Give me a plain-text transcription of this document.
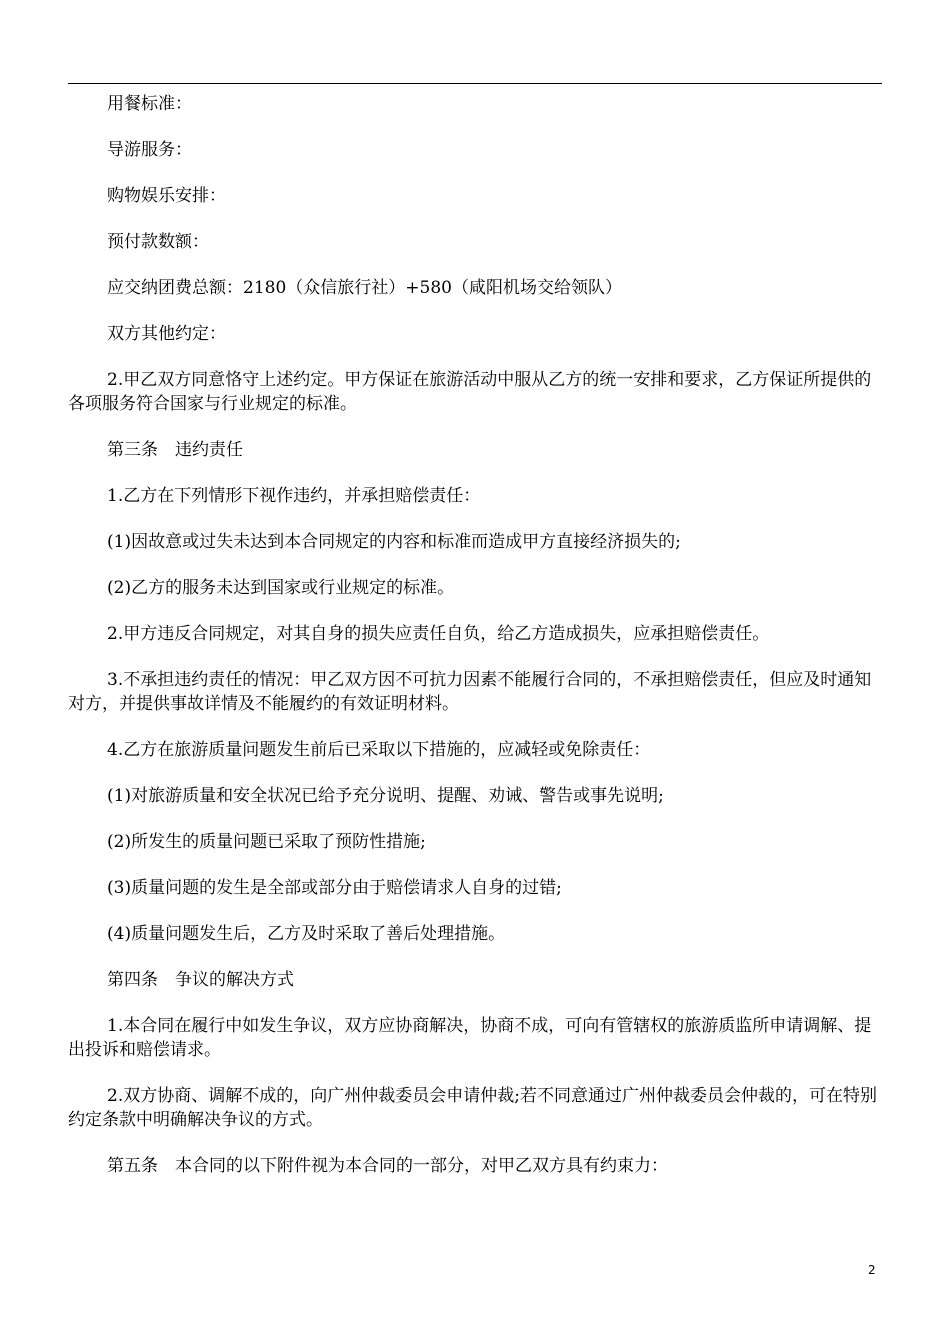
用餐标准：

导游服务：

购物娱乐安排：

预付款数额：

应交纳团费总额：2180（众信旅行社）+580（咸阳机场交给领队）

双方其他约定：

2.甲乙双方同意恪守上述约定。甲方保证在旅游活动中服从乙方的统一安排和要求，乙方保证所提供的各项服务符合国家与行业规定的标准。

第三条　违约责任

1.乙方在下列情形下视作违约，并承担赔偿责任：

(1)因故意或过失未达到本合同规定的内容和标准而造成甲方直接经济损失的;

(2)乙方的服务未达到国家或行业规定的标准。

2.甲方违反合同规定，对其自身的损失应责任自负，给乙方造成损失，应承担赔偿责任。

3.不承担违约责任的情况：甲乙双方因不可抗力因素不能履行合同的，不承担赔偿责任，但应及时通知对方，并提供事故详情及不能履约的有效证明材料。

4.乙方在旅游质量问题发生前后已采取以下措施的，应减轻或免除责任：

(1)对旅游质量和安全状况已给予充分说明、提醒、劝诫、警告或事先说明;

(2)所发生的质量问题已采取了预防性措施;

(3)质量问题的发生是全部或部分由于赔偿请求人自身的过错;

(4)质量问题发生后，乙方及时采取了善后处理措施。

第四条　争议的解决方式

1.本合同在履行中如发生争议，双方应协商解决，协商不成，可向有管辖权的旅游质监所申请调解、提出投诉和赔偿请求。

2.双方协商、调解不成的，向广州仲裁委员会申请仲裁;若不同意通过广州仲裁委员会仲裁的，可在特别约定条款中明确解决争议的方式。

第五条　本合同的以下附件视为本合同的一部分，对甲乙双方具有约束力：

2
